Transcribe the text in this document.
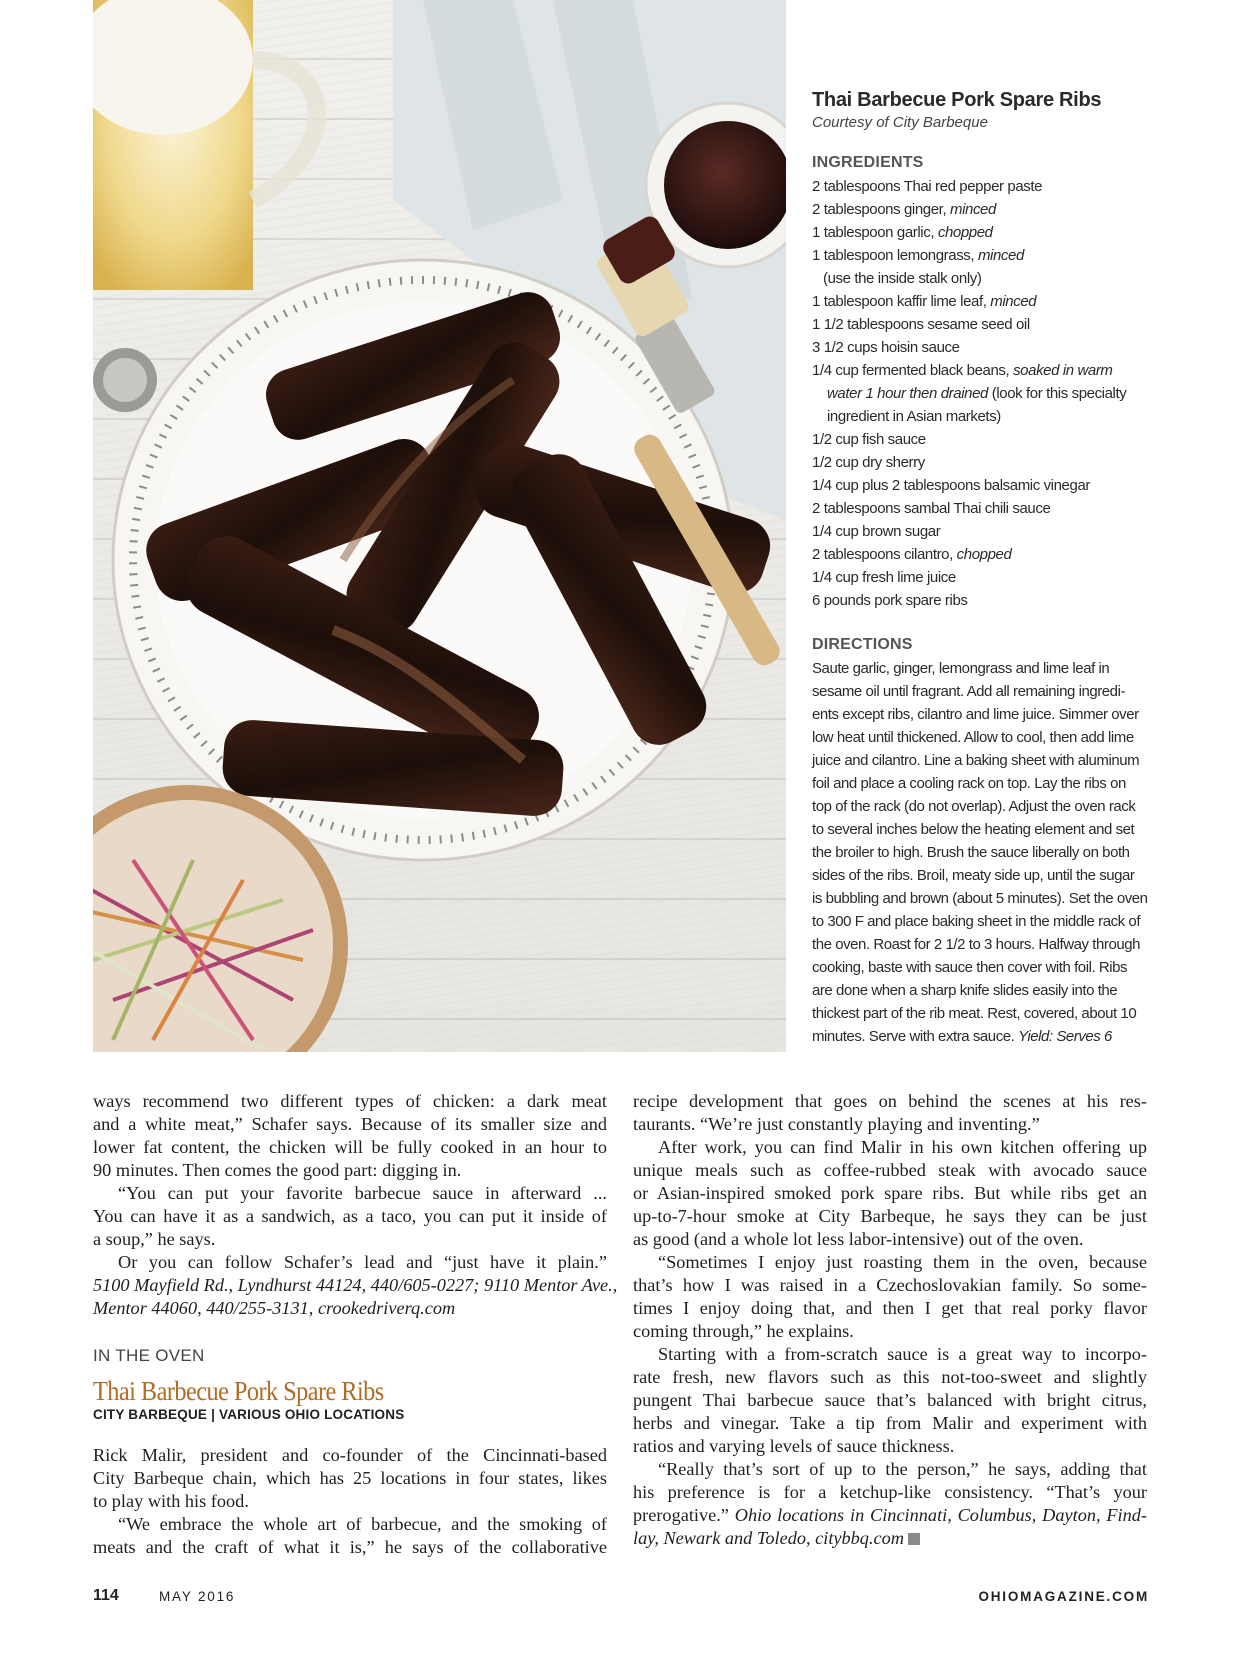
Thai Barbecue Pork Spare Ribs
Courtesy of City Barbeque
INGREDIENTS
2 tablespoons Thai red pepper paste
2 tablespoons ginger, minced
1 tablespoon garlic, chopped
1 tablespoon lemongrass, minced
(use the inside stalk only)
1 tablespoon kaffir lime leaf, minced
1 1/2 tablespoons sesame seed oil
3 1/2 cups hoisin sauce
1/4 cup fermented black beans, soaked in warm
water 1 hour then drained (look for this specialty
ingredient in Asian markets)
1/2 cup fish sauce
1/2 cup dry sherry
1/4 cup plus 2 tablespoons balsamic vinegar
2 tablespoons sambal Thai chili sauce
1/4 cup brown sugar
2 tablespoons cilantro, chopped
1/4 cup fresh lime juice
6 pounds pork spare ribs
DIRECTIONS

Saute garlic, ginger, lemongrass and lime leaf in
sesame oil until fragrant. Add all remaining ingredi-
ents except ribs, cilantro and lime juice. Simmer over
low heat until thickened. Allow to cool, then add lime
juice and cilantro. Line a baking sheet with aluminum
foil and place a cooling rack on top. Lay the ribs on
top of the rack (do not overlap). Adjust the oven rack
to several inches below the heating element and set
the broiler to high. Brush the sauce liberally on both
sides of the ribs. Broil, meaty side up, until the sugar
is bubbling and brown (about 5 minutes). Set the oven
to 300 F and place baking sheet in the middle rack of
the oven. Roast for 2 1/2 to 3 hours. Halfway through
cooking, baste with sauce then cover with foil. Ribs
are done when a sharp knife slides easily into the
thickest part of the rib meat. Rest, covered, about 10
minutes. Serve with extra sauce. Yield: Serves 6

ways recommend two different types of chicken: a dark meat
and a white meat,” Schafer says. Because of its smaller size and
lower fat content, the chicken will be fully cooked in an hour to
90 minutes. Then comes the good part: digging in.

“You can put your favorite barbecue sauce in afterward ...
You can have it as a sandwich, as a taco, you can put it inside of
a soup,” he says.

Or you can follow Schafer’s lead and “just have it plain.”
5100 Mayfield Rd., Lyndhurst 44124, 440/605-0227; 9110 Mentor Ave.,
Mentor 44060, 440/255-3131, crookedriverq.com

IN THE OVEN
Thai Barbecue Pork Spare Ribs
CITY BARBEQUE | VARIOUS OHIO LOCATIONS

Rick Malir, president and co-founder of the Cincinnati-based
City Barbeque chain, which has 25 locations in four states, likes
to play with his food.

“We embrace the whole art of barbecue, and the smoking of
meats and the craft of what it is,” he says of the collaborative

recipe development that goes on behind the scenes at his res-
taurants. “We’re just constantly playing and inventing.”

After work, you can find Malir in his own kitchen offering up
unique meals such as coffee-rubbed steak with avocado sauce
or Asian-inspired smoked pork spare ribs. But while ribs get an
up-to-7-hour smoke at City Barbeque, he says they can be just
as good (and a whole lot less labor-intensive) out of the oven.

“Sometimes I enjoy just roasting them in the oven, because
that’s how I was raised in a Czechoslovakian family. So some-
times I enjoy doing that, and then I get that real porky flavor
coming through,” he explains.

Starting with a from-scratch sauce is a great way to incorpo-
rate fresh, new flavors such as this not-too-sweet and slightly
pungent Thai barbecue sauce that’s balanced with bright citrus,
herbs and vinegar. Take a tip from Malir and experiment with
ratios and varying levels of sauce thickness.

“Really that’s sort of up to the person,” he says, adding that
his preference is for a ketchup-like consistency. “That’s your
prerogative.” Ohio locations in Cincinnati, Columbus, Dayton, Find-
lay, Newark and Toledo, citybbq.com

114	MAY 2016	OHIOMAGAZINE.COM
